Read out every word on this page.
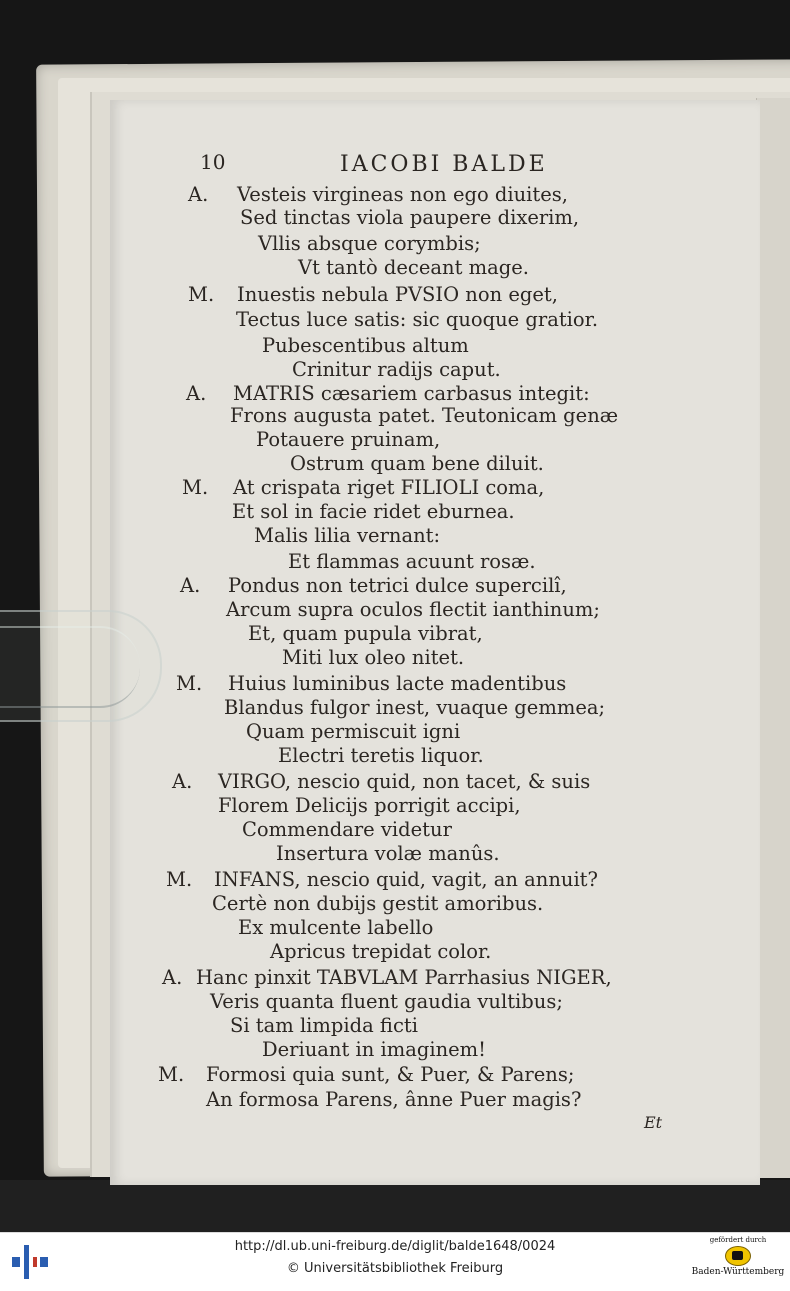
10	IACOBI BALDE
A. Vesteis virgineas non ego diuites,
Sed tinctas viola paupere dixerim,
Vllis absque corymbis;
Vt tantò deceant mage.
M. Inuestis nebula PVSIO non eget,
Tectus luce satis: sic quoque gratior.
Pubescentibus altum
Crinitur radijs caput.
A. MATRIS cæsariem carbasus integit:
Frons augusta patet. Teutonicam genæ
Potauere pruinam,
Ostrum quam bene diluit.
M. At crispata riget FILIOLI coma,
Et sol in facie ridet eburnea.
Malis lilia vernant:
Et flammas acuunt rosæ.
A. Pondus non tetrici dulce supercilî,
Arcum supra oculos flectit ianthinum;
Et, quam pupula vibrat,
Miti lux oleo nitet.
M. Huius luminibus lacte madentibus
Blandus fulgor inest, vuaque gemmea;
Quam permiscuit igni
Electri teretis liquor.
A. VIRGO, nescio quid, non tacet, & suis
Florem Delicijs porrigit accipi,
Commendare videtur
Insertura volæ manûs.
M. INFANS, nescio quid, vagit, an annuit?
Certè non dubijs gestit amoribus.
Ex mulcente labello
Apricus trepidat color.
A. Hanc pinxit TABVLAM Parrhasius NIGER,
Veris quanta fluent gaudia vultibus;
Si tam limpida ficti
Deriuant in imaginem!
M. Formosi quia sunt, & Puer, & Parens;
An formosa Parens, ânne Puer magis?
Et
http://dl.ub.uni-freiburg.de/diglit/balde1648/0024
© Universitätsbibliothek Freiburg
gefördert durch
Baden-Württemberg
